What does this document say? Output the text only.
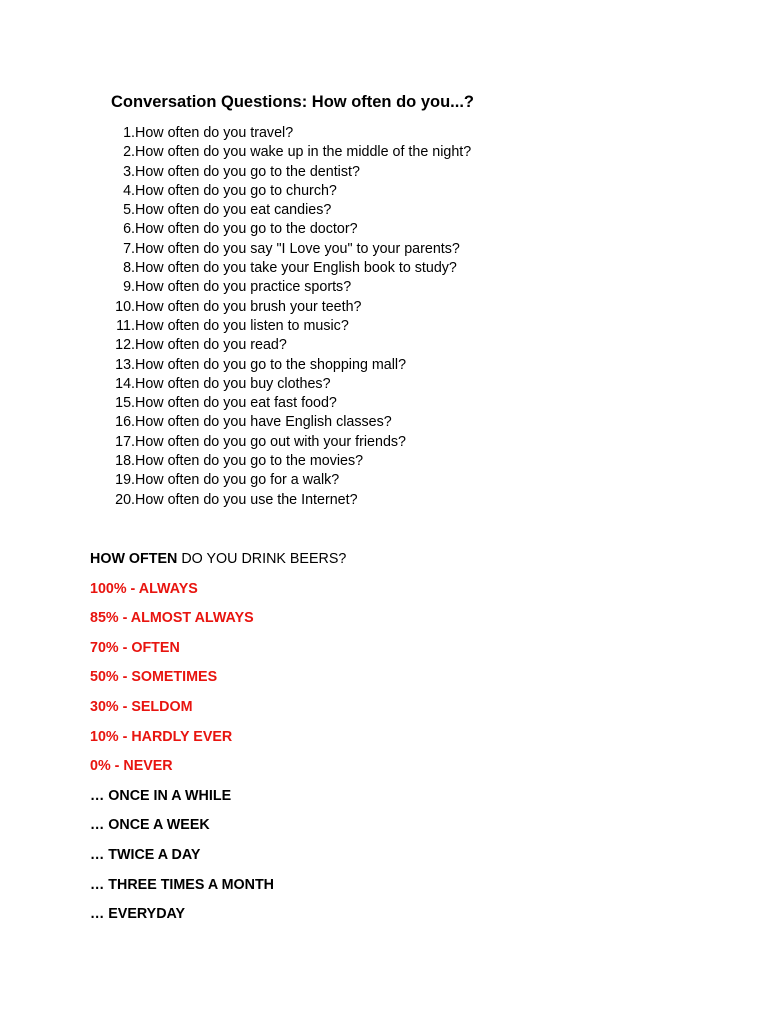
Conversation Questions: How often do you...?
1. How often do you travel?
2. How often do you wake up in the middle of the night?
3. How often do you go to the dentist?
4. How often do you go to church?
5. How often do you eat candies?
6. How often do you go to the doctor?
7. How often do you say "I Love you" to your parents?
8. How often do you take your English book to study?
9. How often do you practice sports?
10. How often do you brush your teeth?
11. How often do you listen to music?
12. How often do you read?
13. How often do you go to the shopping mall?
14. How often do you buy clothes?
15. How often do you eat fast food?
16. How often do you have English classes?
17. How often do you go out with your friends?
18. How often do you go to the movies?
19. How often do you go for a walk?
20. How often do you use the Internet?
HOW OFTEN DO YOU DRINK BEERS?
100% - ALWAYS
85% - ALMOST ALWAYS
70% - OFTEN
50% - SOMETIMES
30% - SELDOM
10% - HARDLY EVER
0% - NEVER
… ONCE IN A WHILE
… ONCE A WEEK
… TWICE A DAY
… THREE TIMES A MONTH
… EVERYDAY
